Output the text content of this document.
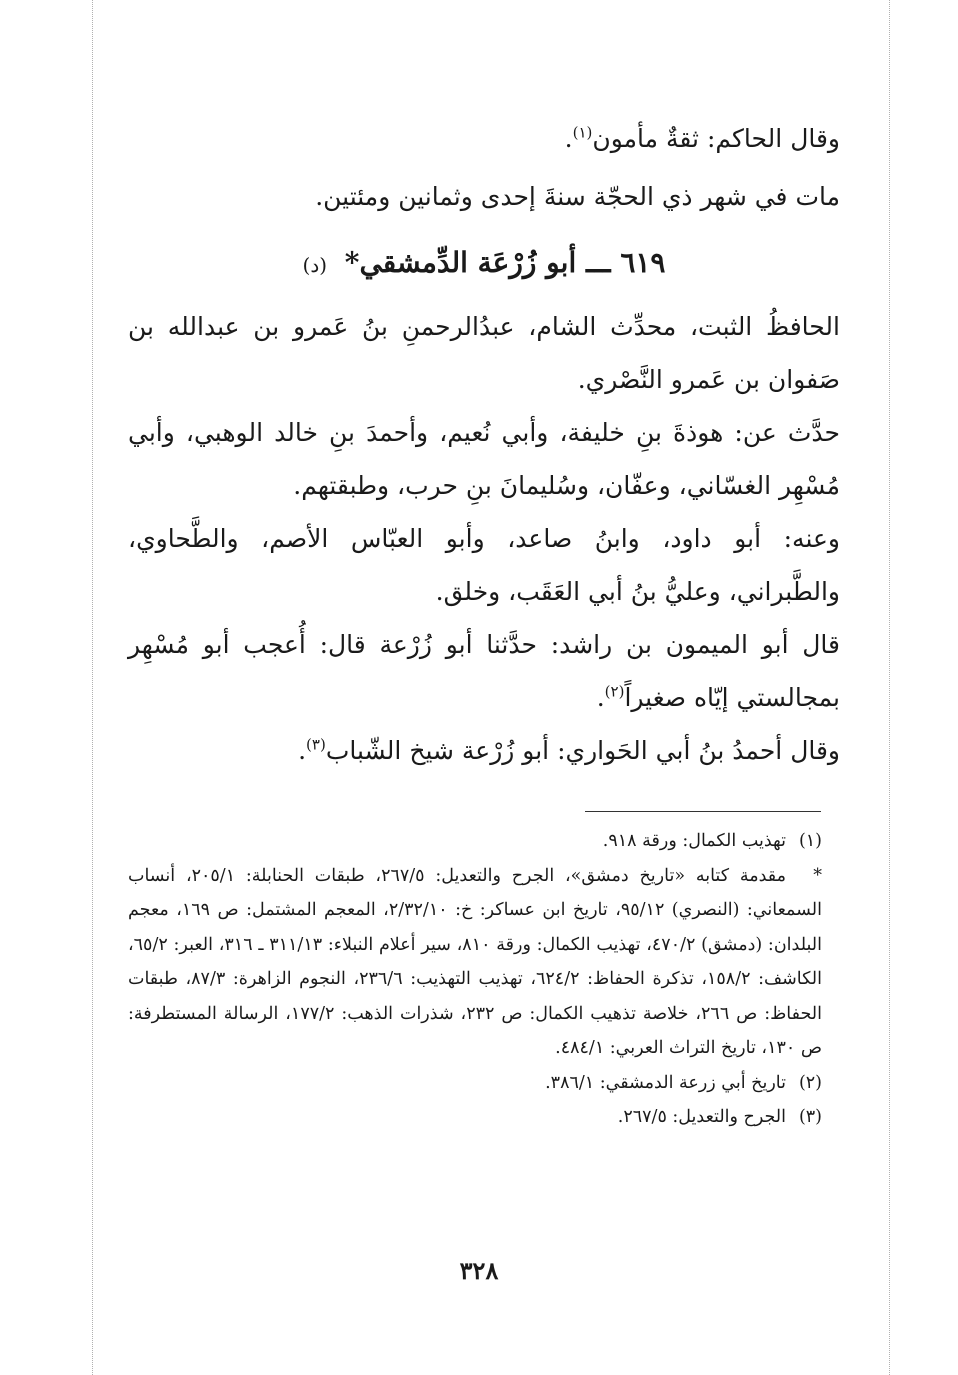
وقال الحاكم: ثقةٌ مأمون$^{(١)}$.
مات في شهر ذي الحجّة سنةَ إحدى وثمانين ومئتين.
٦١٩ ـــ أبو زُرْعَة الدِّمشقي* (د)

الحافظُ الثبت، محدِّث الشام، عبدُالرحمنِ بنُ عَمرو بن عبدالله بن صَفوان بن عَمرو النَّصْري.

حدَّث عن: هوذةَ بنِ خليفة، وأبي نُعيم، وأحمدَ بنِ خالد الوهبي، وأبي مُسْهِر الغسّاني، وعفّان، وسُليمانَ بنِ حرب، وطبقتهم.

وعنه: أبو داود، وابنُ صاعد، وأبو العبّاس الأصم، والطَّحاوي، والطَّبراني، وعليُّ بنُ أبي العَقَب، وخلق.

قال أبو الميمون بن راشد: حدَّثنا أبو زُرْعة قال: أُعجب أبو مُسْهِر بمجالستي إيّاه صغيراً$^{(٢)}$.

وقال أحمدُ بنُ أبي الحَواري: أبو زُرْعة شيخ الشّباب$^{(٣)}$.

(١)تهذيب الكمال: ورقة ٩١٨.

*مقدمة كتابه «تاريخ دمشق»، الجرح والتعديل: ٢٦٧/٥، طبقات الحنابلة: ٢٠٥/١، أنساب السمعاني: (النصري) ٩٥/١٢، تاريخ ابن عساكر: خ: ٢/٣٢/١٠، المعجم المشتمل: ص ١٦٩، معجم البلدان: (دمشق) ٤٧٠/٢، تهذيب الكمال: ورقة ٨١٠، سير أعلام النبلاء: ٣١١/١٣ ـ ٣١٦، العبر: ٦٥/٢، الكاشف: ١٥٨/٢، تذكرة الحفاظ: ٦٢٤/٢، تهذيب التهذيب: ٢٣٦/٦، النجوم الزاهرة: ٨٧/٣، طبقات الحفاظ: ص ٢٦٦، خلاصة تذهيب الكمال: ص ٢٣٢، شذرات الذهب: ١٧٧/٢، الرسالة المستطرفة: ص ١٣٠، تاريخ التراث العربي: ٤٨٤/١.

(٢)تاريخ أبي زرعة الدمشقي: ٣٨٦/١.

(٣)الجرح والتعديل: ٢٦٧/٥.

٣٢٨
